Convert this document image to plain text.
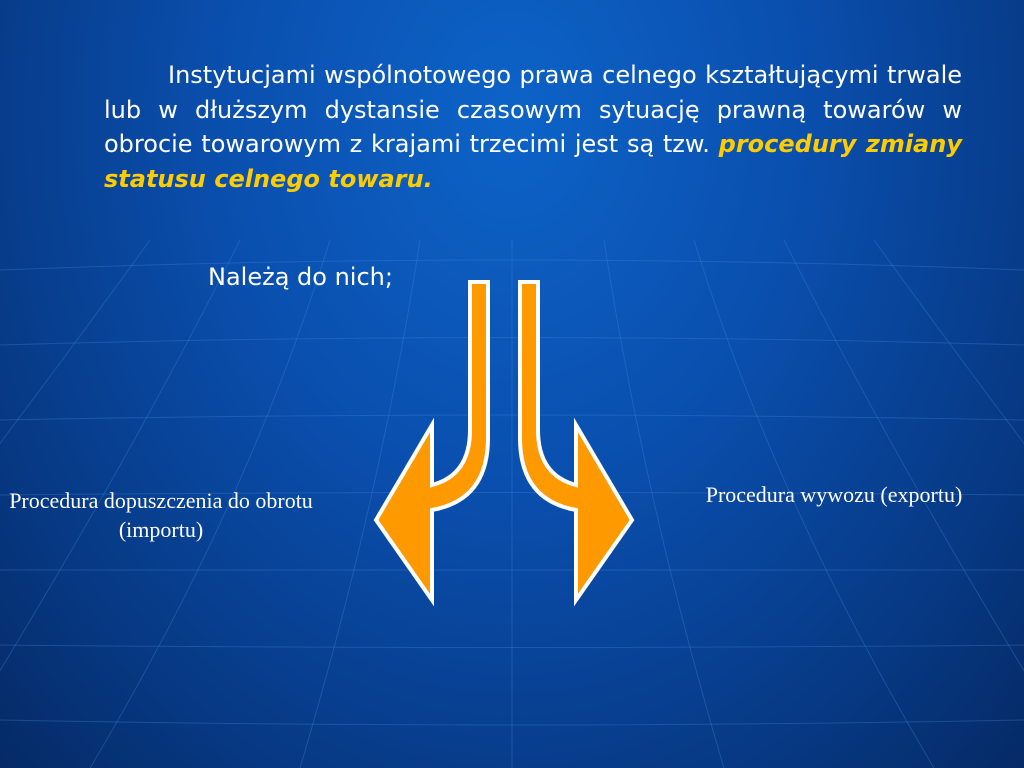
Instytucjami wspólnotowego prawa celnego kształtującymi trwale lub w dłuższym dystansie czasowym sytuację prawną towarów w obrocie towarowym z krajami trzecimi jest są tzw. procedury zmiany statusu celnego towaru.
Należą do nich;
Procedura dopuszczenia do obrotu (importu)
Procedura wywozu (exportu)
